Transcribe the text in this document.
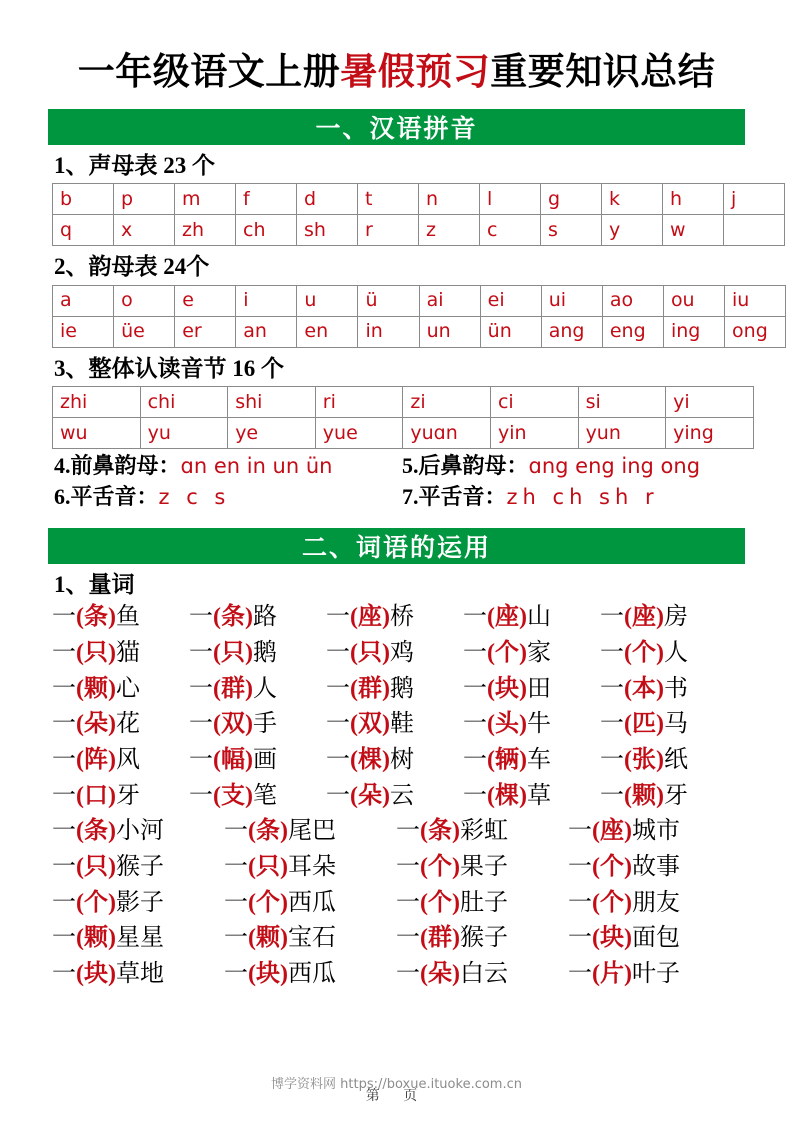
一年级语文上册暑假预习重要知识总结
一、汉语拼音
1、声母表 23 个
b	p	m	f	d	t	n	l	g	k	h	j
q	x	zh	ch	sh	r	z	c	s	y	w	
2、韵母表 24个
a	o	e	i	u	ü	ai	ei	ui	ao	ou	iu
ie	üe	er	an	en	in	un	ün	ang	eng	ing	ong
3、整体认读音节 16 个
zhi	chi	shi	ri	zi	ci	si	yi
wu	yu	ye	yue	yuɑn	yin	yun	ying
4.前鼻韵母：ɑn en in un ün	5.后鼻韵母：ɑng eng ing ong
6.平舌音：z c s	7.平舌音：zh ch sh r
二、词语的运用
1、量词
一(条)鱼	一(条)路	一(座)桥	一(座)山	一(座)房
一(只)猫	一(只)鹅	一(只)鸡	一(个)家	一(个)人
一(颗)心	一(群)人	一(群)鹅	一(块)田	一(本)书
一(朵)花	一(双)手	一(双)鞋	一(头)牛	一(匹)马
一(阵)风	一(幅)画	一(棵)树	一(辆)车	一(张)纸
一(口)牙	一(支)笔	一(朵)云	一(棵)草	一(颗)牙
一(条)小河	一(条)尾巴	一(条)彩虹	一(座)城市
一(只)猴子	一(只)耳朵	一(个)果子	一(个)故事
一(个)影子	一(个)西瓜	一(个)肚子	一(个)朋友
一(颗)星星	一(颗)宝石	一(群)猴子	一(块)面包
一(块)草地	一(块)西瓜	一(朵)白云	一(片)叶子
博学资料网 https://boxue.ituoke.com.cn
第 页
